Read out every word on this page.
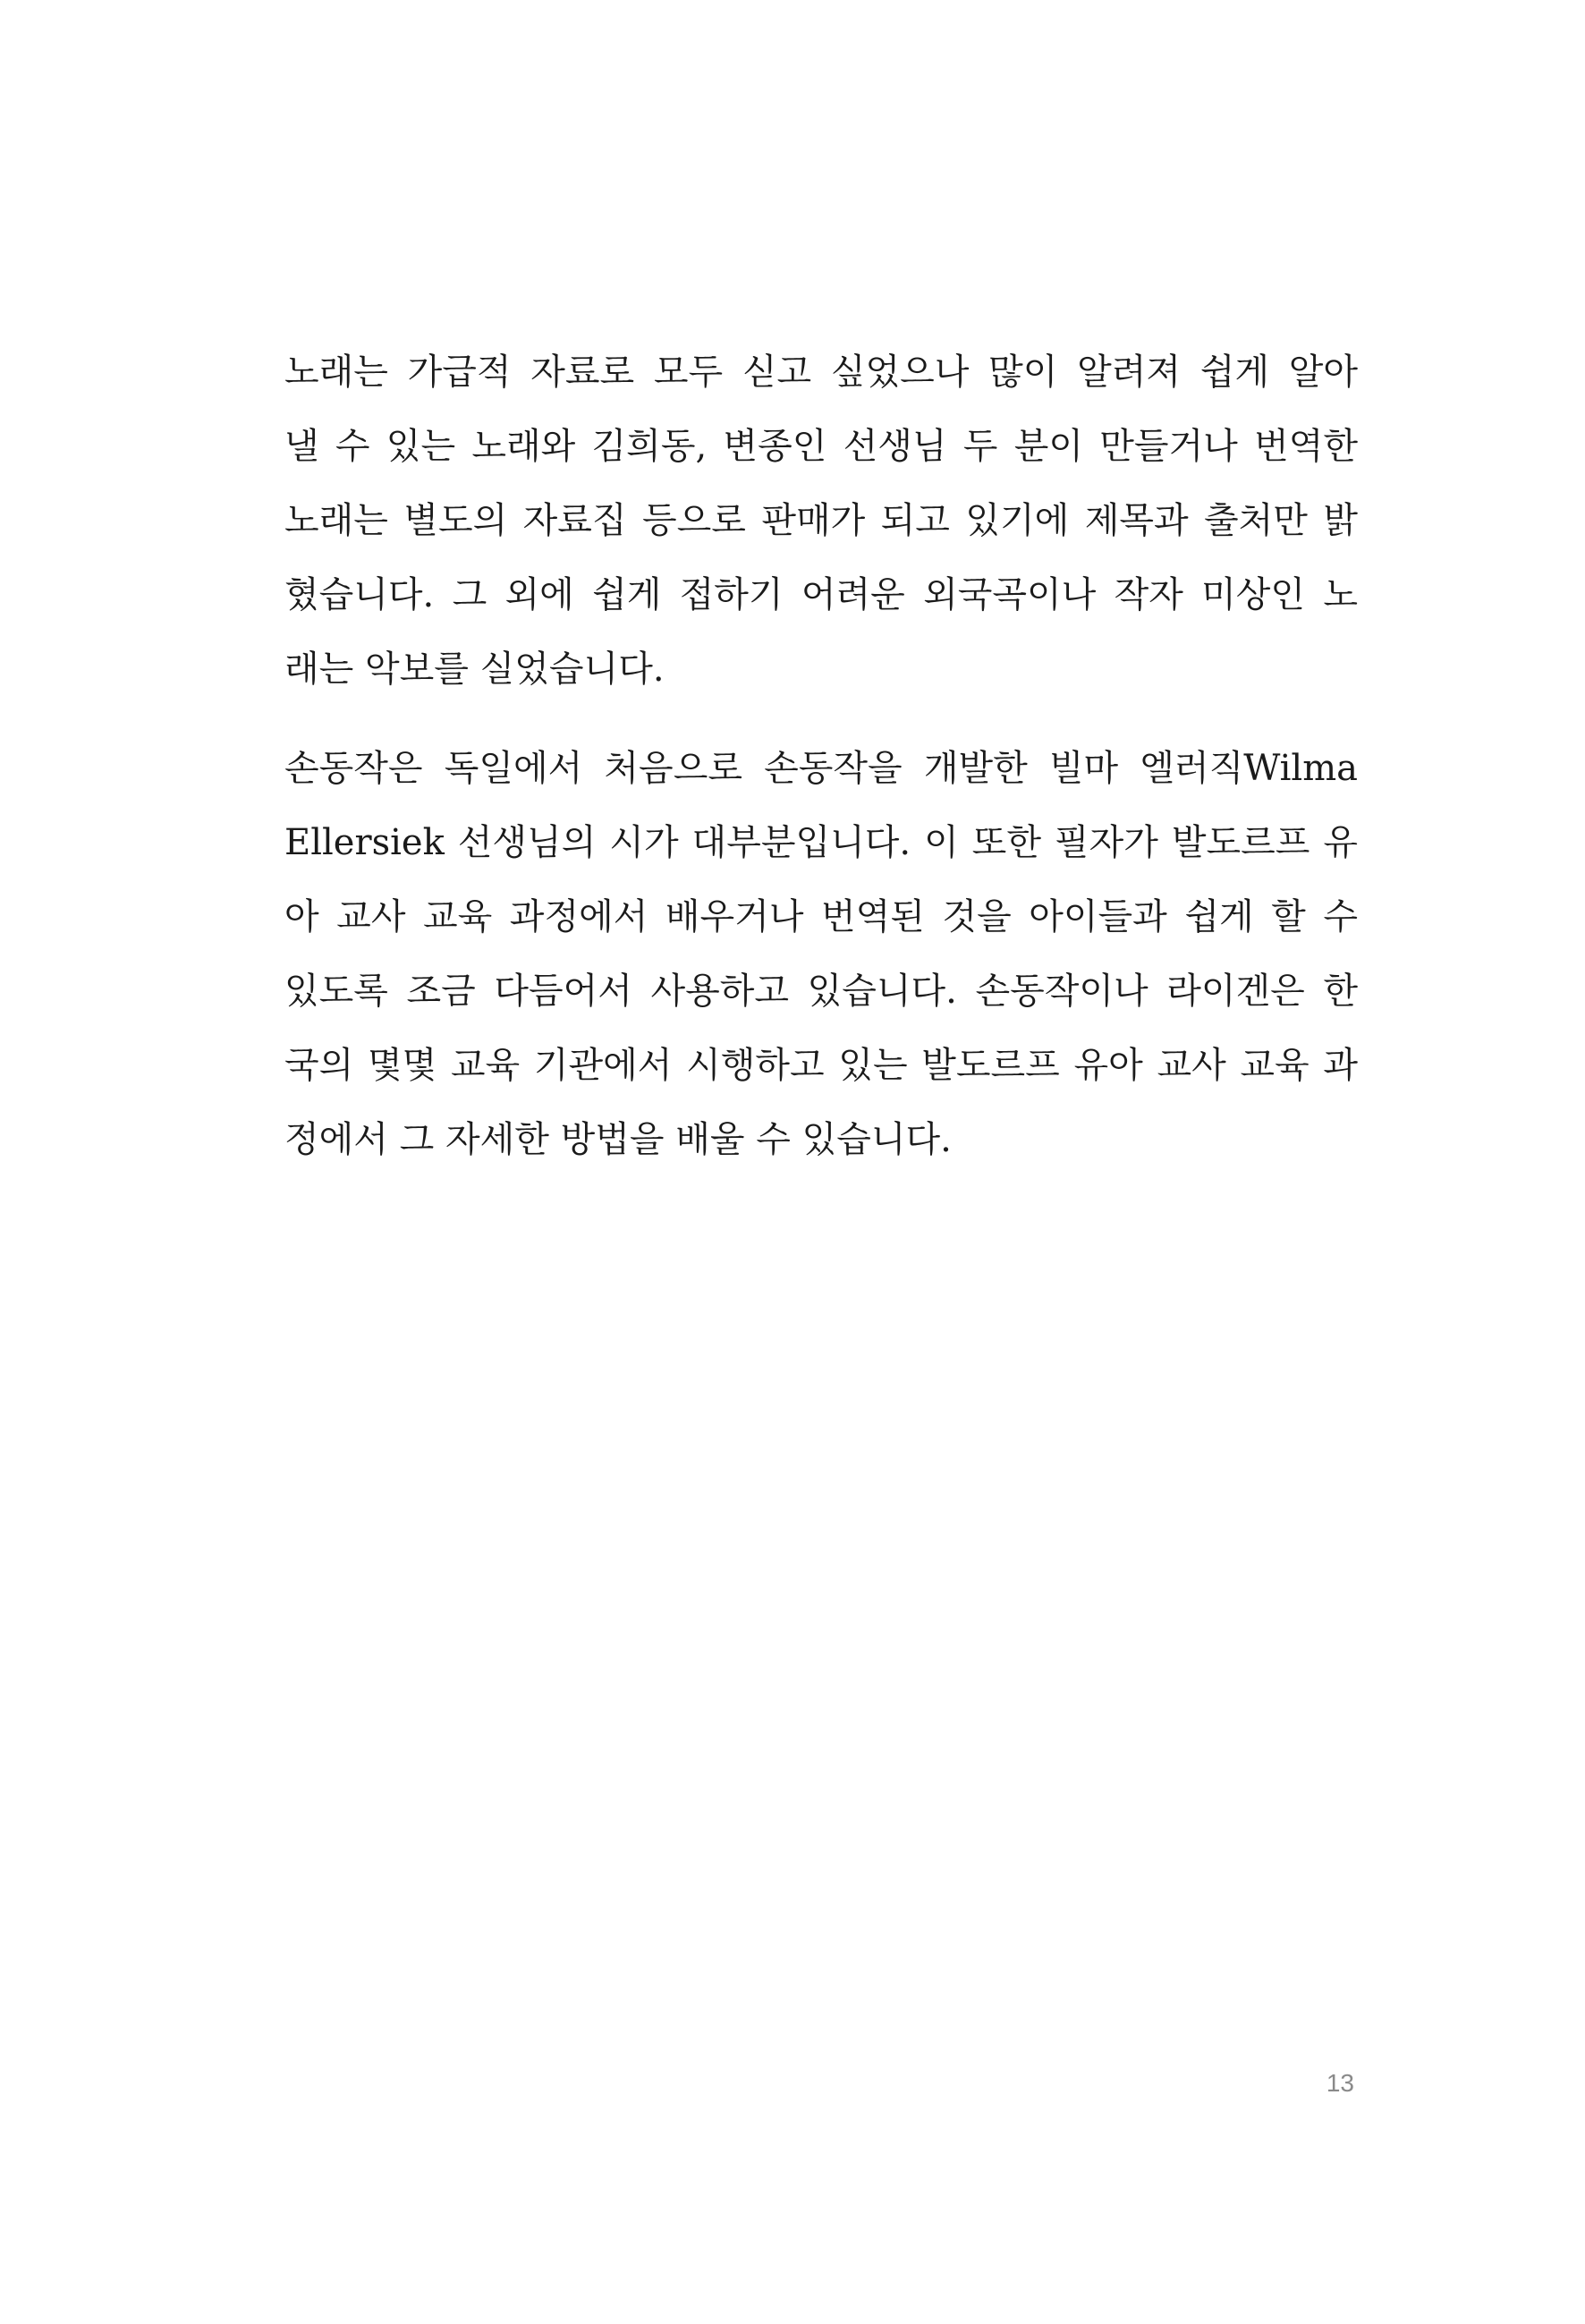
노래는 가급적 자료로 모두 싣고 싶었으나 많이 알려져 쉽게 알아
낼 수 있는 노래와 김희동, 변종인 선생님 두 분이 만들거나 번역한
노래는 별도의 자료집 등으로 판매가 되고 있기에 제목과 출처만 밝
혔습니다. 그 외에 쉽게 접하기 어려운 외국곡이나 작자 미상인 노
래는 악보를 실었습니다.
손동작은 독일에서 처음으로 손동작을 개발한 빌마 엘러직Wilma
Ellersiek 선생님의 시가 대부분입니다. 이 또한 필자가 발도르프 유
아 교사 교육 과정에서 배우거나 번역된 것을 아이들과 쉽게 할 수
있도록 조금 다듬어서 사용하고 있습니다. 손동작이나 라이겐은 한
국의 몇몇 교육 기관에서 시행하고 있는 발도르프 유아 교사 교육 과
정에서 그 자세한 방법을 배울 수 있습니다.
13
